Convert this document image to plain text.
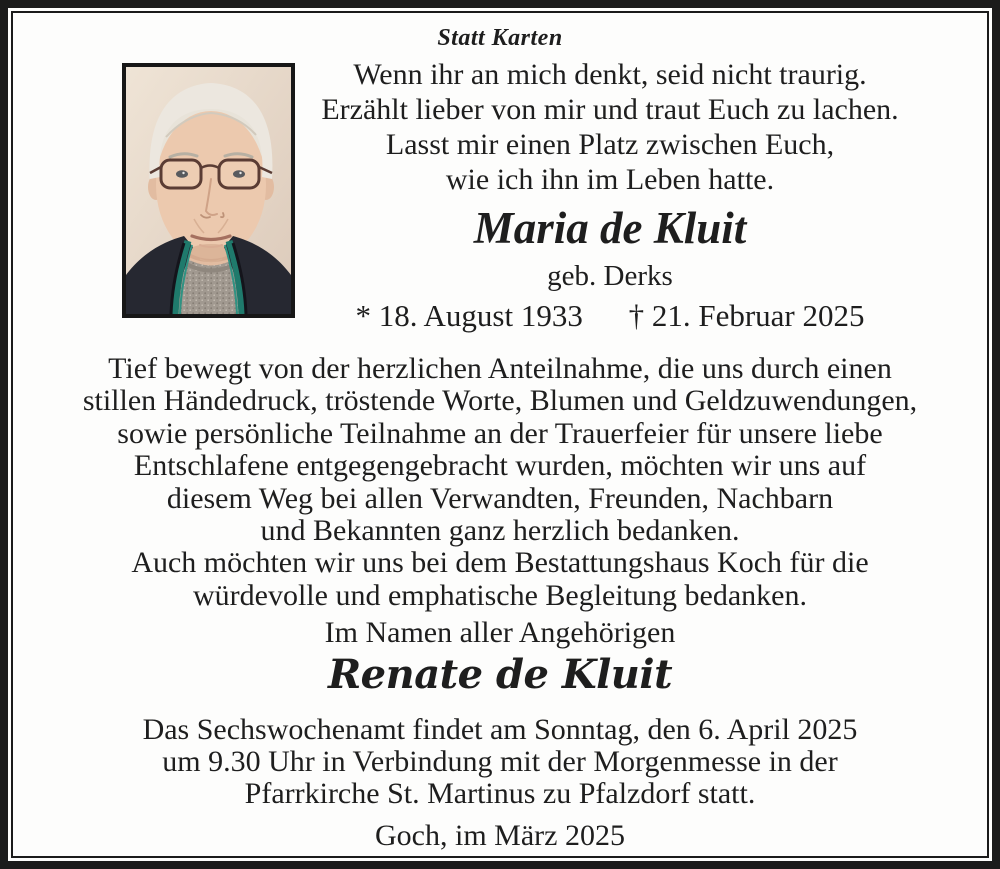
Statt Karten
Wenn ihr an mich denkt, seid nicht traurig.
Erzählt lieber von mir und traut Euch zu lachen.
Lasst mir einen Platz zwischen Euch,
wie ich ihn im Leben hatte.
Maria de Kluit
geb. Derks
* 18. August 1933 † 21. Februar 2025
Tief bewegt von der herzlichen Anteilnahme, die uns durch einen
stillen Händedruck, tröstende Worte, Blumen und Geldzuwendungen,
sowie persönliche Teilnahme an der Trauerfeier für unsere liebe
Entschlafene entgegengebracht wurden, möchten wir uns auf
diesem Weg bei allen Verwandten, Freunden, Nachbarn
und Bekannten ganz herzlich bedanken.
Auch möchten wir uns bei dem Bestattungshaus Koch für die
würdevolle und emphatische Begleitung bedanken.
Im Namen aller Angehörigen
Renate de Kluit
Das Sechswochenamt findet am Sonntag, den 6. April 2025
um 9.30 Uhr in Verbindung mit der Morgenmesse in der
Pfarrkirche St. Martinus zu Pfalzdorf statt.
Goch, im März 2025
